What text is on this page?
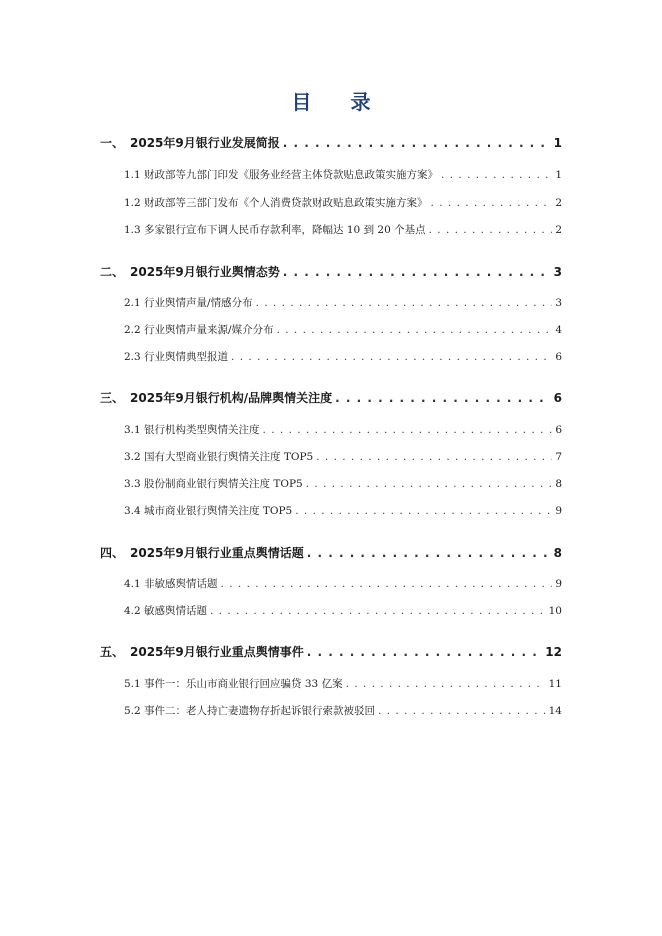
目 录
一、 2025年9月银行业发展简报 . . .	1
1.1 财政部等九部门印发《服务业经营主体贷款贴息政策实施方案》 . . .	1
1.2 财政部等三部门发布《个人消费贷款财政贴息政策实施方案》 . . .	2
1.3 多家银行宣布下调人民币存款利率，降幅达 10 到 20 个基点 . . .	2
二、 2025年9月银行业舆情态势 . . .	3
2.1 行业舆情声量/情感分布 . . .	3
2.2 行业舆情声量来源/媒介分布 . . .	4
2.3 行业舆情典型报道 . . .	6
三、 2025年9月银行机构/品牌舆情关注度 . . .	6
3.1 银行机构类型舆情关注度 . . .	6
3.2 国有大型商业银行舆情关注度 TOP5 . . .	7
3.3 股份制商业银行舆情关注度 TOP5 . . .	8
3.4 城市商业银行舆情关注度 TOP5 . . .	9
四、 2025年9月银行业重点舆情话题 . . .	8
4.1 非敏感舆情话题 . . .	9
4.2 敏感舆情话题 . . .	10
五、 2025年9月银行业重点舆情事件 . . .	12
5.1 事件一：乐山市商业银行回应骗贷 33 亿案 . . .	11
5.2 事件二：老人持亡妻遗物存折起诉银行索款被驳回 . . .	14
